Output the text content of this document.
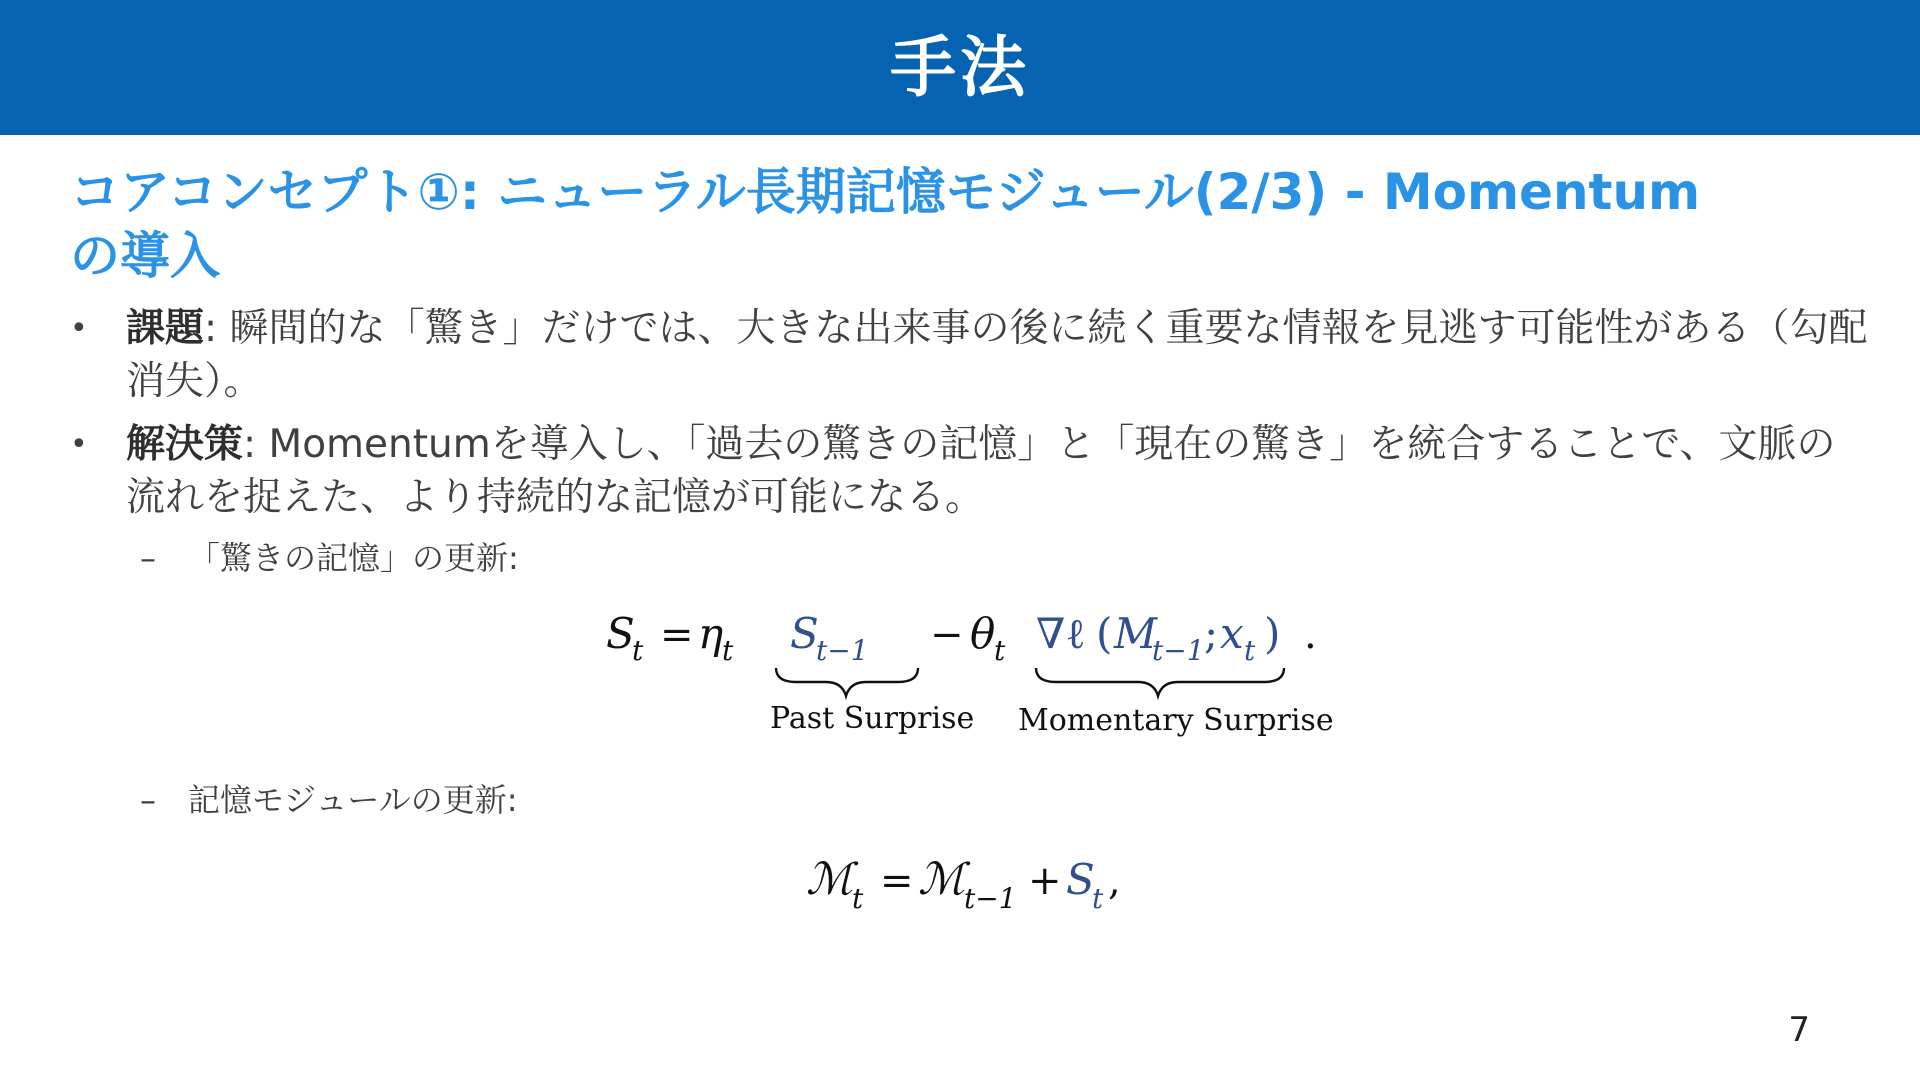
手法
コアコンセプト①: ニューラル長期記憶モジュール(2/3) - Momentum
の導入
• 課題: 瞬間的な「驚き」だけでは、大きな出来事の後に続く重要な情報を見逃す可能性がある（勾配消失）。
• 解決策: Momentumを導入し、「過去の驚きの記憶」と「現在の驚き」を統合することで、文脈の流れを捉えた、より持続的な記憶が可能になる。
– 「驚きの記憶」の更新:
S
t = η
t S
t−1
Past Surprise
− θ
t ∇ℓ ( M
t−1 ; x t ) .
Momentary Surprise
– 記憶モジュールの更新:
ℳ
t = ℳ
t−1 + S
t ,
7
